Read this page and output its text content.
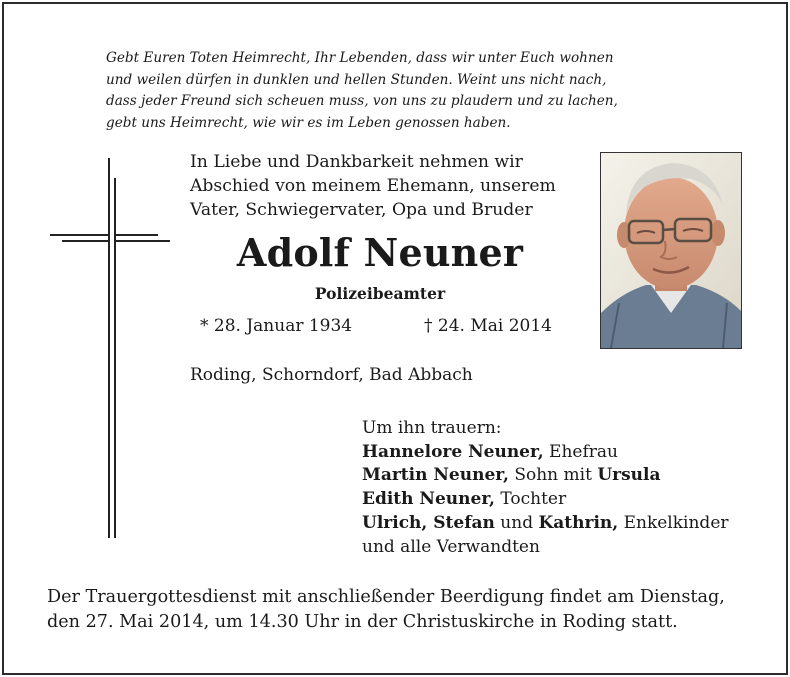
Gebt Euren Toten Heimrecht, Ihr Lebenden, dass wir unter Euch wohnen
und weilen dürfen in dunklen und hellen Stunden. Weint uns nicht nach,
dass jeder Freund sich scheuen muss, von uns zu plaudern und zu lachen,
gebt uns Heimrecht, wie wir es im Leben genossen haben.
In Liebe und Dankbarkeit nehmen wir
Abschied von meinem Ehemann, unserem
Vater, Schwiegervater, Opa und Bruder
Adolf Neuner
Polizeibeamter
* 28. Januar 1934	† 24. Mai 2014
Roding, Schorndorf, Bad Abbach
Um ihn trauern:
Hannelore Neuner, Ehefrau
Martin Neuner, Sohn mit Ursula
Edith Neuner, Tochter
Ulrich, Stefan und Kathrin, Enkelkinder
und alle Verwandten
Der Trauergottesdienst mit anschließender Beerdigung findet am Dienstag,
den 27. Mai 2014, um 14.30 Uhr in der Christuskirche in Roding statt.
